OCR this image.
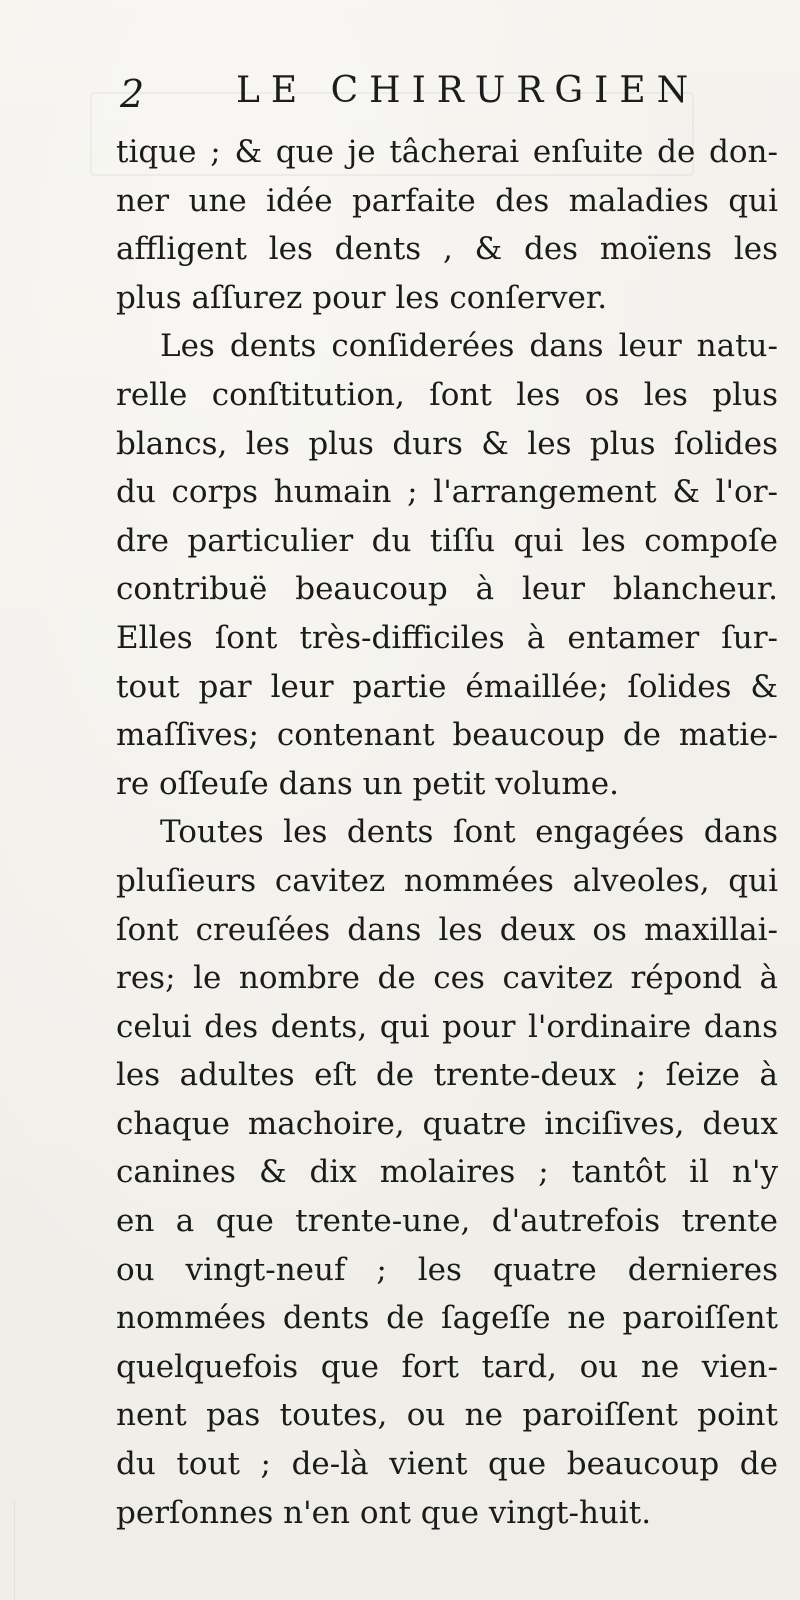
2	LE CHIRURGIEN
tique ; & que je tâcherai enſuite de don-
ner une idée parfaite des maladies qui
affligent les dents , & des moïens les
plus aſſurez pour les conſerver.
Les dents conſiderées dans leur natu-
relle conſtitution, ſont les os les plus
blancs, les plus durs & les plus ſolides
du corps humain ; l'arrangement & l'or-
dre particulier du tiſſu qui les compoſe
contribuë beaucoup à leur blancheur.
Elles ſont très-difficiles à entamer ſur-
tout par leur partie émaillée; ſolides &
maſſives; contenant beaucoup de matie-
re oſſeuſe dans un petit volume.
Toutes les dents ſont engagées dans
pluſieurs cavitez nommées alveoles, qui
ſont creuſées dans les deux os maxillai-
res; le nombre de ces cavitez répond à
celui des dents, qui pour l'ordinaire dans
les adultes eſt de trente-deux ; ſeize à
chaque machoire, quatre inciſives, deux
canines & dix molaires ; tantôt il n'y
en a que trente-une, d'autrefois trente
ou vingt-neuf ; les quatre dernieres
nommées dents de ſageſſe ne paroiſſent
quelquefois que fort tard, ou ne vien-
nent pas toutes, ou ne paroiſſent point
du tout ; de-là vient que beaucoup de
perſonnes n'en ont que vingt-huit.
